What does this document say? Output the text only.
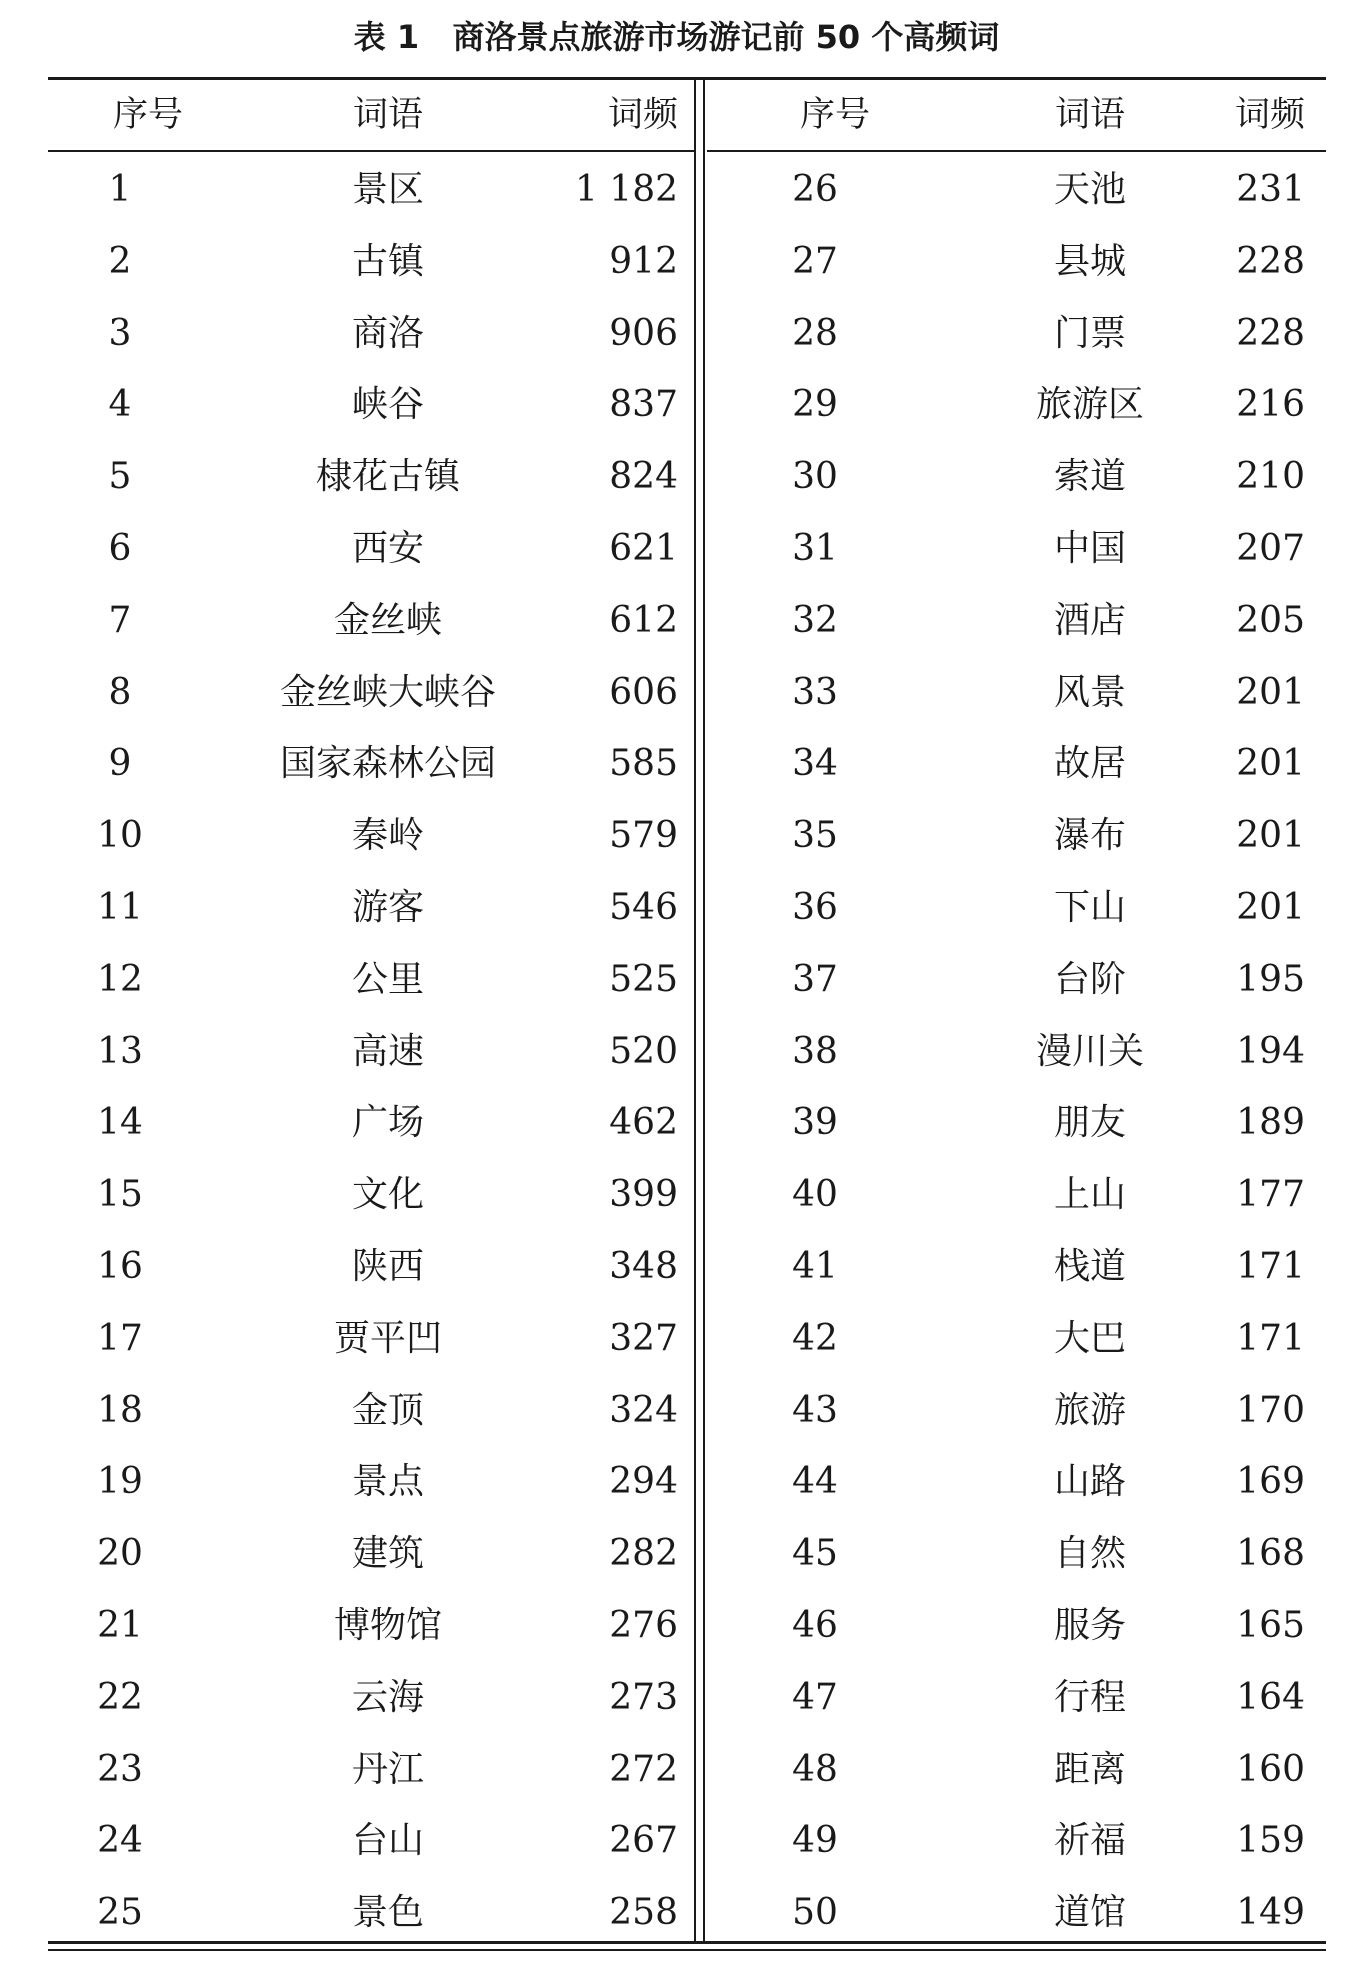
表 1   商洛景点旅游市场游记前 50 个高频词
序号	词语	词频
1	景区	1 182
2	古镇	912
3	商洛	906
4	峡谷	837
5	棣花古镇	824
6	西安	621
7	金丝峡	612
8	金丝峡大峡谷	606
9	国家森林公园	585
10	秦岭	579
11	游客	546
12	公里	525
13	高速	520
14	广场	462
15	文化	399
16	陕西	348
17	贾平凹	327
18	金顶	324
19	景点	294
20	建筑	282
21	博物馆	276
22	云海	273
23	丹江	272
24	台山	267
25	景色	258
序号	词语	词频
26	天池	231
27	县城	228
28	门票	228
29	旅游区	216
30	索道	210
31	中国	207
32	酒店	205
33	风景	201
34	故居	201
35	瀑布	201
36	下山	201
37	台阶	195
38	漫川关	194
39	朋友	189
40	上山	177
41	栈道	171
42	大巴	171
43	旅游	170
44	山路	169
45	自然	168
46	服务	165
47	行程	164
48	距离	160
49	祈福	159
50	道馆	149
